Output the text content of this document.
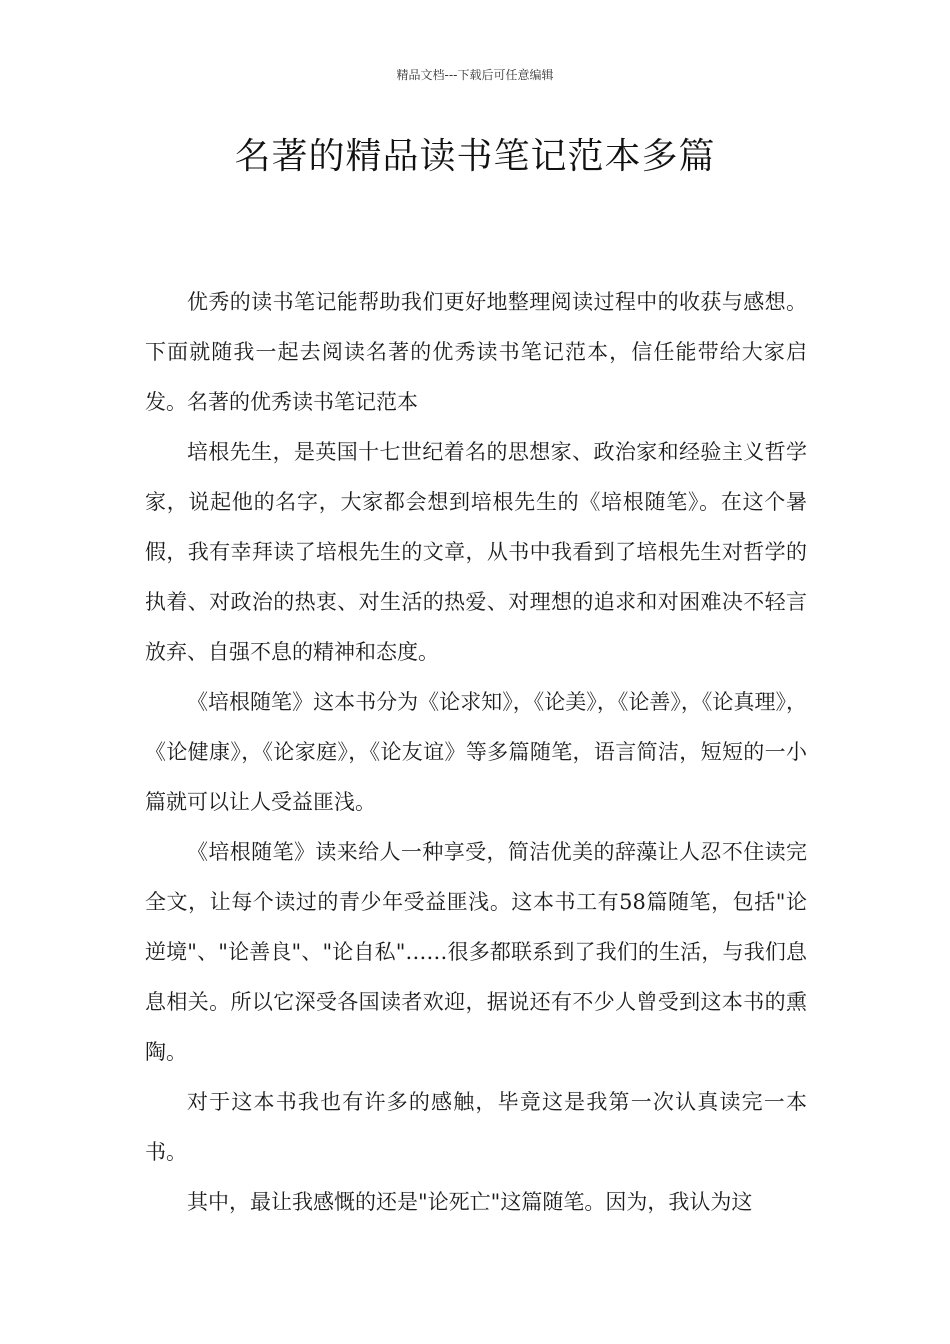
精品文档---下载后可任意编辑
名著的精品读书笔记范本多篇

优秀的读书笔记能帮助我们更好地整理阅读过程中的收获与感想。下面就随我一起去阅读名著的优秀读书笔记范本，信任能带给大家启发。名著的优秀读书笔记范本

培根先生，是英国十七世纪着名的思想家、政治家和经验主义哲学家，说起他的名字，大家都会想到培根先生的《培根随笔》。在这个暑假，我有幸拜读了培根先生的文章，从书中我看到了培根先生对哲学的执着、对政治的热衷、对生活的热爱、对理想的追求和对困难决不轻言放弃、自强不息的精神和态度。

《培根随笔》这本书分为《论求知》，《论美》，《论善》，《论真理》，《论健康》，《论家庭》，《论友谊》等多篇随笔，语言简洁，短短的一小篇就可以让人受益匪浅。

《培根随笔》读来给人一种享受，简洁优美的辞藻让人忍不住读完全文，让每个读过的青少年受益匪浅。这本书工有58篇随笔，包括"论逆境"、"论善良"、"论自私"……很多都联系到了我们的生活，与我们息息相关。所以它深受各国读者欢迎，据说还有不少人曾受到这本书的熏陶。

对于这本书我也有许多的感触，毕竟这是我第一次认真读完一本书。

其中，最让我感慨的还是"论死亡"这篇随笔。因为，我认为这
